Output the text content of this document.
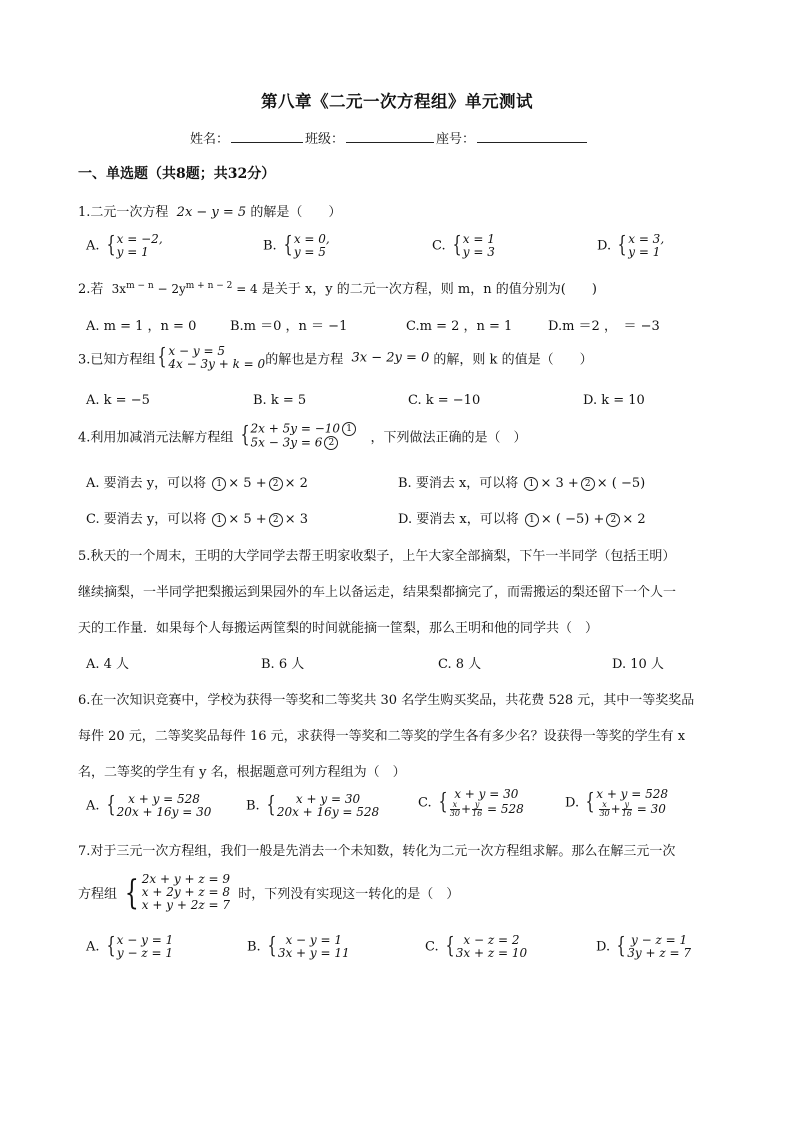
第八章《二元一次方程组》单元测试
姓名：	班级：	座号：
一、单选题（共8题；共32分）
1.二元一次方程 2x − y = 5 的解是（　　）
A. { x = −2,
y = 1	B. { x = 0,
y = 5	C. { x = 1
y = 3	D. { x = 3,
y = 1
2.若 $3x^{m - n} - 2y^{m + n - 2} = 4$ 是关于 x，y 的二元一次方程，则 m，n 的值分别为(　　)
A. m = 1 ，n = 0	B.m ＝0 ，n ＝ −1	C.m = 2 ，n = 1	D.m ＝2 ，　＝ −3
3.已知方程组 { x − y = 5
4x − 3y + k = 0 的解也是方程 3x − 2y = 0 的解，则 k 的值是（　　）
A. k = −5	B. k = 5	C. k = −10	D. k = 10
4.利用加减消元法解方程组 { 2x + 5y = −10 1
5x − 3y = 6 2	，下列做法正确的是（　）
A. 要消去 y，可以将 1 × 5 + 2 × 2	B. 要消去 x，可以将 1 × 3 + 2 × ( −5)
C. 要消去 y，可以将 1 × 5 + 2 × 3	D. 要消去 x，可以将 1 × ( −5) + 2 × 2
5.秋天的一个周末，王明的大学同学去帮王明家收梨子，上午大家全部摘梨，下午一半同学（包括王明）
继续摘梨，一半同学把梨搬运到果园外的车上以备运走，结果梨都摘完了，而需搬运的梨还留下一个人一
天的工作量．如果每个人每搬运两筐梨的时间就能摘一筐梨，那么王明和他的同学共（　）
A. 4 人	B. 6 人	C. 8 人	D. 10 人
6.在一次知识竞赛中，学校为获得一等奖和二等奖共 30 名学生购买奖品，共花费 528 元，其中一等奖奖品
每件 20 元，二等奖奖品每件 16 元，求获得一等奖和二等奖的学生各有多少名？设获得一等奖的学生有 x
名，二等奖的学生有 y 名，根据题意可列方程组为（　）
A. { x + y = 528
20x + 16y = 30	B. { x + y = 30
20x + 16y = 528
C. { x + y = 30
$\frac{x}{30} + \frac{y}{16}$
= 528	D. { x + y = 528
$\frac{x}{30} + \frac{y}{16}$
= 30
7.对于三元一次方程组，我们一般是先消去一个未知数，转化为二元一次方程组求解。那么在解三元一次
方程组 { 2x + y + z = 9
x + 2y + z = 8
x + y + 2z = 7
时，下列没有实现这一转化的是（　）
A. { x − y = 1
y − z = 1	B. { x − y = 1
3x + y = 11	C. { x − z = 2
3x + z = 10	D. { y − z = 1
3y + z = 7
